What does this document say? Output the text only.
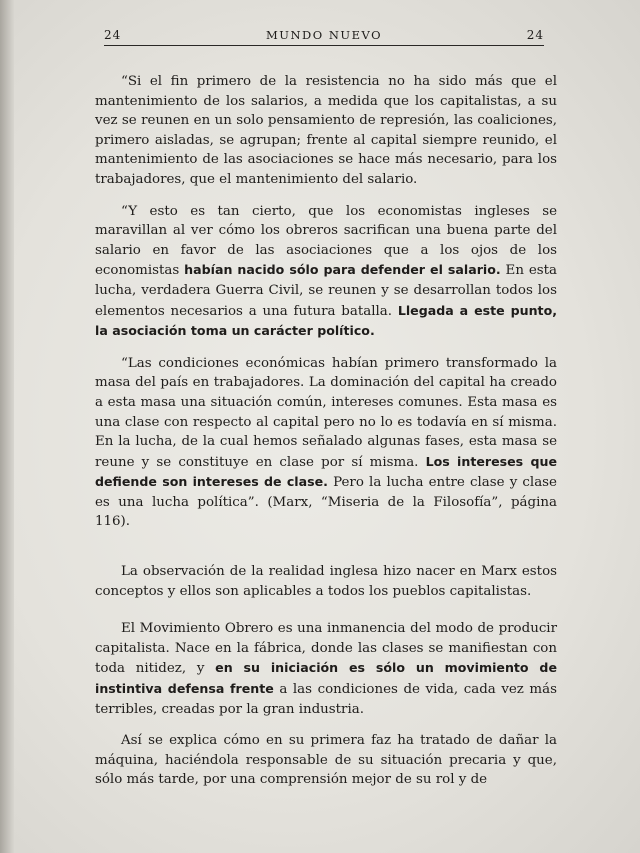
24	MUNDO NUEVO	24

“Si el fin primero de la resistencia no ha sido más que el mantenimiento de los salarios, a medida que los capitalistas, a su vez se reunen en un solo pensamiento de represión, las coaliciones, primero aisladas, se agrupan; frente al capital siempre reunido, el mantenimiento de las asociaciones se hace más necesario, para los trabajadores, que el mantenimiento del salario.

“Y esto es tan cierto, que los economistas ingleses se maravillan al ver cómo los obreros sacrifican una buena parte del salario en favor de las asociaciones que a los ojos de los economistas habían nacido sólo para defender el salario. En esta lucha, verdadera Guerra Civil, se reunen y se desarrollan todos los elementos necesarios a una futura batalla. Llegada a este punto, la asociación toma un carácter político.

“Las condiciones económicas habían primero transformado la masa del país en trabajadores. La dominación del capital ha creado a esta masa una situación común, intereses comunes. Esta masa es una clase con respecto al capital pero no lo es todavía en sí misma. En la lucha, de la cual hemos señalado algunas fases, esta masa se reune y se constituye en clase por sí misma. Los intereses que defiende son intereses de clase. Pero la lucha entre clase y clase es una lucha política”. (Marx, “Miseria de la Filosofía”, página 116).

La observación de la realidad inglesa hizo nacer en Marx estos conceptos y ellos son aplicables a todos los pueblos capitalistas.

El Movimiento Obrero es una inmanencia del modo de producir capitalista. Nace en la fábrica, donde las clases se manifiestan con toda nitidez, y en su iniciación es sólo un movimiento de instintiva defensa frente a las condiciones de vida, cada vez más terribles, creadas por la gran industria.

Así se explica cómo en su primera faz ha tratado de dañar la máquina, haciéndola responsable de su situación precaria y que, sólo más tarde, por una comprensión mejor de su rol y de
